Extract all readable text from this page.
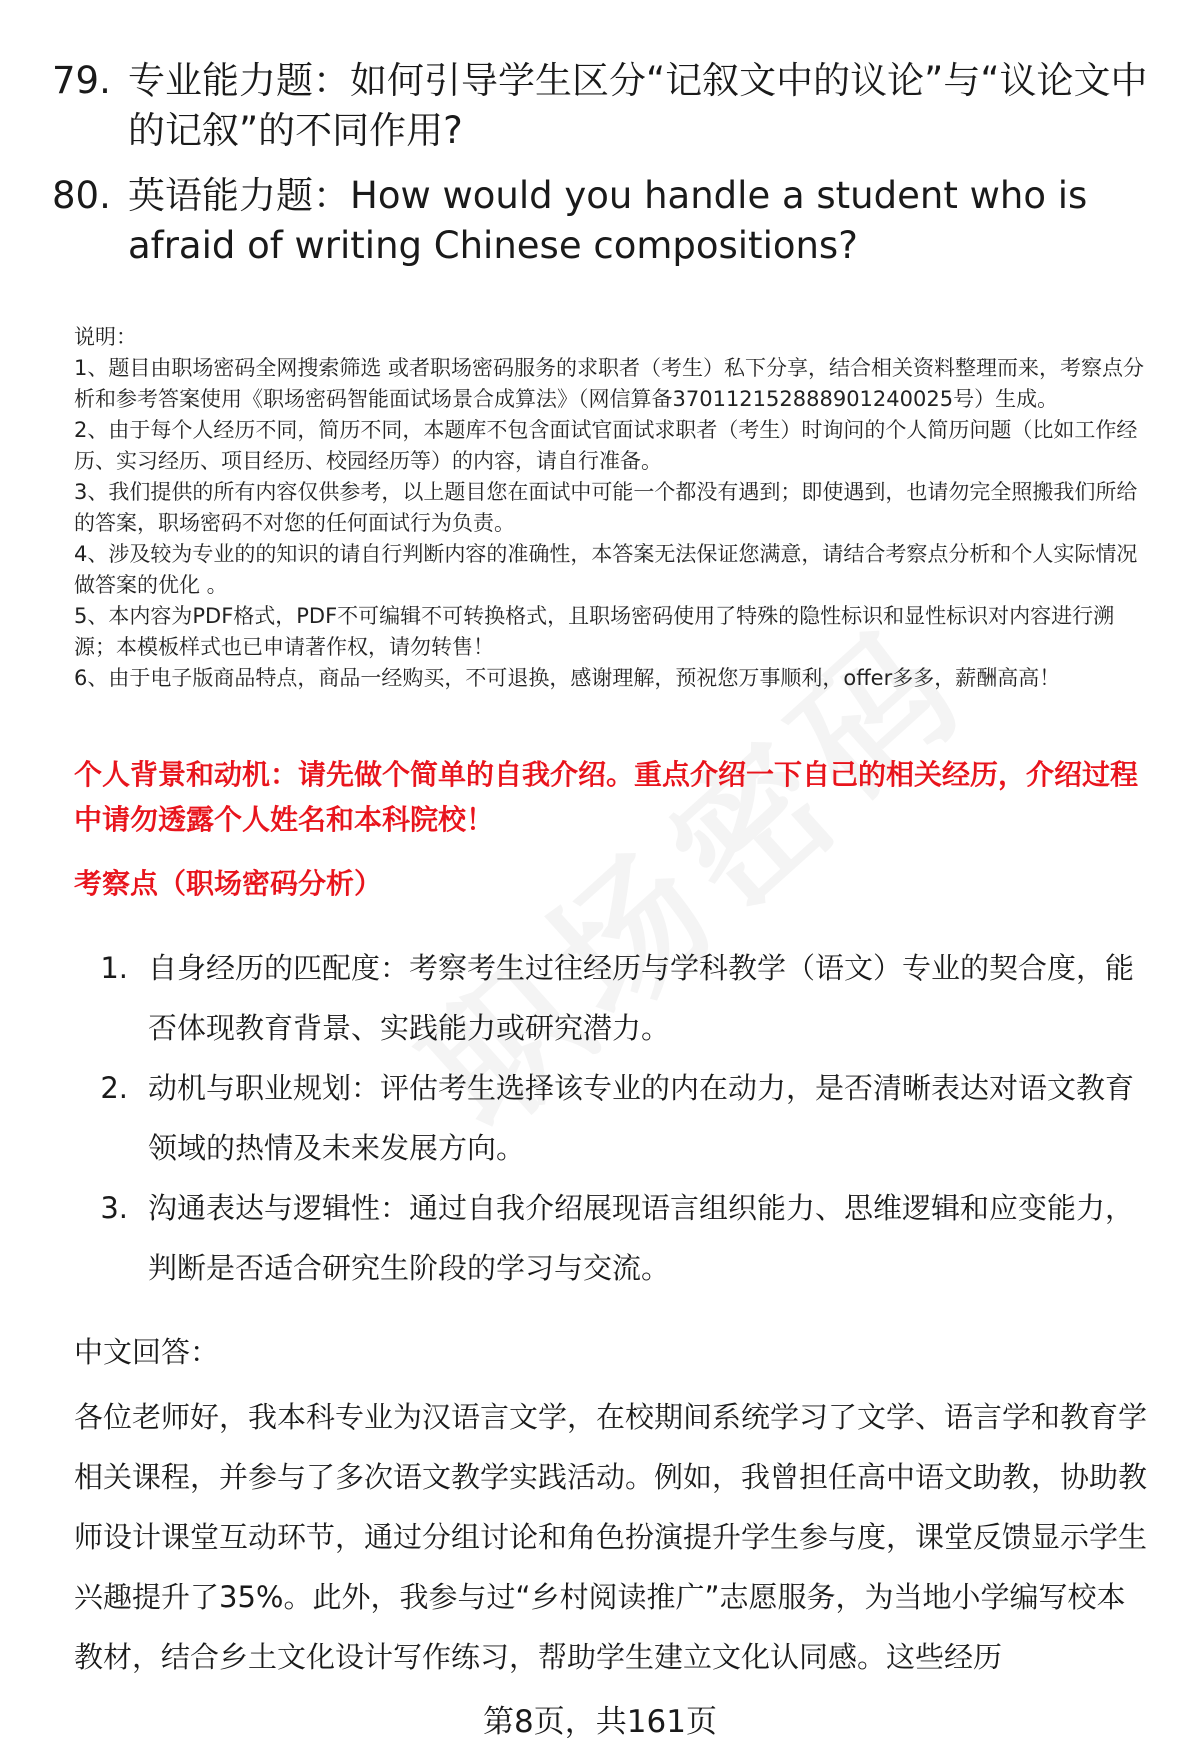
79. 专业能力题：如何引导学生区分“记叙文中的议论”与“议论文中的记叙”的不同作用?
80. 英语能力题：How would you handle a student who is afraid of writing Chinese compositions?

说明：

1、题目由职场密码全网搜索筛选 或者职场密码服务的求职者（考生）私下分享，结合相关资料整理而来，考察点分析和参考答案使用《职场密码智能面试场景合成算法》（网信算备370112152888901240025号）生成。

2、由于每个人经历不同，简历不同，本题库不包含面试官面试求职者（考生）时询问的个人简历问题（比如工作经历、实习经历、项目经历、校园经历等）的内容，请自行准备。

3、我们提供的所有内容仅供参考，以上题目您在面试中可能一个都没有遇到；即使遇到，也请勿完全照搬我们所给的答案，职场密码不对您的任何面试行为负责。

4、涉及较为专业的的知识的请自行判断内容的准确性，本答案无法保证您满意，请结合考察点分析和个人实际情况做答案的优化 。

5、本内容为PDF格式，PDF不可编辑不可转换格式，且职场密码使用了特殊的隐性标识和显性标识对内容进行溯源；本模板样式也已申请著作权，请勿转售！

6、由于电子版商品特点，商品一经购买，不可退换，感谢理解，预祝您万事顺利，offer多多，薪酬高高！

个人背景和动机：请先做个简单的自我介绍。重点介绍一下自己的相关经历，介绍过程中请勿透露个人姓名和本科院校！
考察点（职场密码分析）
1. 自身经历的匹配度：考察考生过往经历与学科教学（语文）专业的契合度，能否体现教育背景、实践能力或研究潜力。
2. 动机与职业规划：评估考生选择该专业的内在动力，是否清晰表达对语文教育领域的热情及未来发展方向。
3. 沟通表达与逻辑性：通过自我介绍展现语言组织能力、思维逻辑和应变能力，判断是否适合研究生阶段的学习与交流。
中文回答：
各位老师好，我本科专业为汉语言文学，在校期间系统学习了文学、语言学和教育学相关课程，并参与了多次语文教学实践活动。例如，我曾担任高中语文助教，协助教师设计课堂互动环节，通过分组讨论和角色扮演提升学生参与度，课堂反馈显示学生兴趣提升了35%。此外，我参与过“乡村阅读推广”志愿服务，为当地小学编写校本教材，结合乡土文化设计写作练习，帮助学生建立文化认同感。这些经历
第8页，共161页
